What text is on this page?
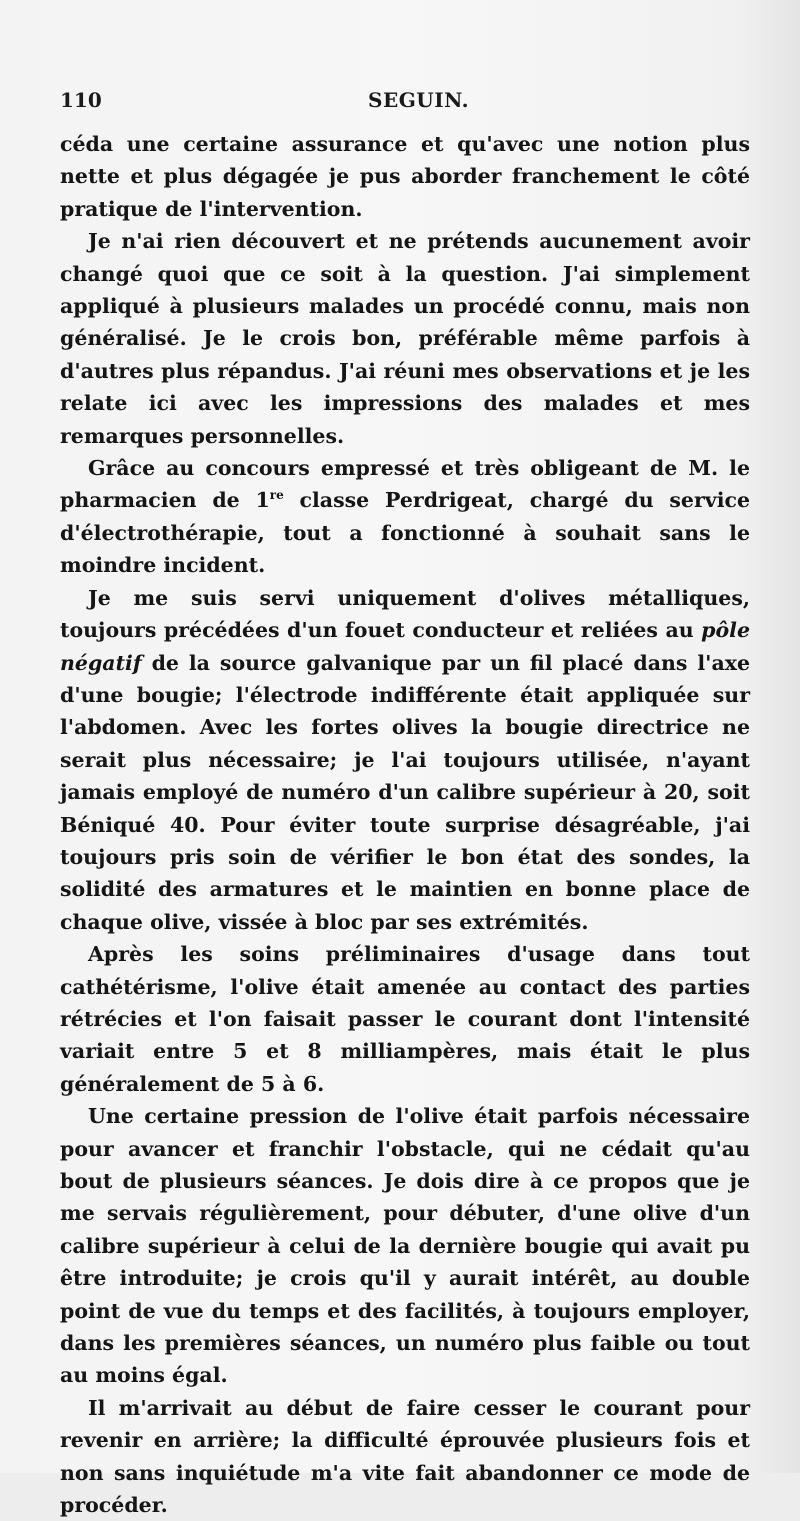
110	SEGUIN.

céda une certaine assurance et qu'avec une notion plus nette et plus dégagée je pus aborder franchement le côté pratique de l'intervention.

Je n'ai rien découvert et ne prétends aucunement avoir changé quoi que ce soit à la question. J'ai simplement appliqué à plusieurs malades un procédé connu, mais non généralisé. Je le crois bon, préférable même parfois à d'autres plus répandus. J'ai réuni mes observations et je les relate ici avec les impressions des malades et mes remarques personnelles.

Grâce au concours empressé et très obligeant de M. le pharmacien de 1re classe Perdrigeat, chargé du service d'électrothérapie, tout a fonctionné à souhait sans le moindre incident.

Je me suis servi uniquement d'olives métalliques, toujours précédées d'un fouet conducteur et reliées au pôle négatif de la source galvanique par un fil placé dans l'axe d'une bougie; l'électrode indifférente était appliquée sur l'abdomen. Avec les fortes olives la bougie directrice ne serait plus nécessaire; je l'ai toujours utilisée, n'ayant jamais employé de numéro d'un calibre supérieur à 20, soit Béniqué 40. Pour éviter toute surprise désagréable, j'ai toujours pris soin de vérifier le bon état des sondes, la solidité des armatures et le maintien en bonne place de chaque olive, vissée à bloc par ses extrémités.

Après les soins préliminaires d'usage dans tout cathétérisme, l'olive était amenée au contact des parties rétrécies et l'on faisait passer le courant dont l'intensité variait entre 5 et 8 milliampères, mais était le plus généralement de 5 à 6.

Une certaine pression de l'olive était parfois nécessaire pour avancer et franchir l'obstacle, qui ne cédait qu'au bout de plusieurs séances. Je dois dire à ce propos que je me servais régulièrement, pour débuter, d'une olive d'un calibre supérieur à celui de la dernière bougie qui avait pu être introduite; je crois qu'il y aurait intérêt, au double point de vue du temps et des facilités, à toujours employer, dans les premières séances, un numéro plus faible ou tout au moins égal.

Il m'arrivait au début de faire cesser le courant pour revenir en arrière; la difficulté éprouvée plusieurs fois et non sans inquiétude m'a vite fait abandonner ce mode de procéder.
